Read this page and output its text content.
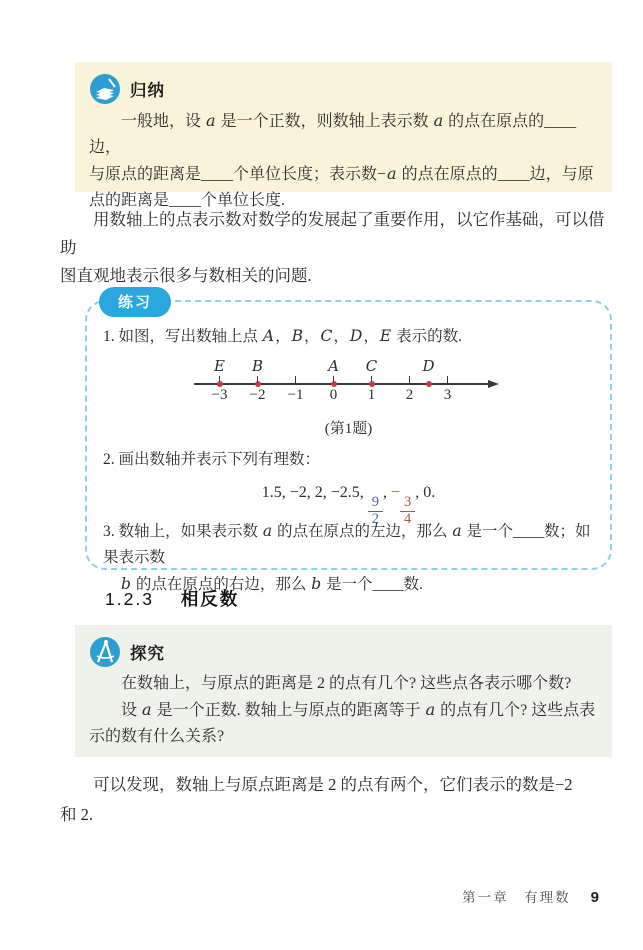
归纳
一般地，设 a 是一个正数，则数轴上表示数 a 的点在原点的____边，
与原点的距离是____个单位长度；表示数−a 的点在原点的____边，与原
点的距离是____个单位长度.
用数轴上的点表示数对数学的发展起了重要作用，以它作基础，可以借助
图直观地表示很多与数相关的问题.
练习
1. 如图，写出数轴上点 A，B，C，D，E 表示的数.
−3	−2	−1	0	1	2	3
E	B	A	C	D
(第1题)
2. 画出数轴并表示下列有理数：
1.5, −2, 2, −2.5,
$\frac{9}{2}$
, −
$\frac{3}{4}$
, 0.
3. 数轴上，如果表示数 a 的点在原点的左边，那么 a 是一个____数；如果表示数
b 的点在原点的右边，那么 b 是一个____数.
1.2.3 相反数
探究
在数轴上，与原点的距离是 2 的点有几个? 这些点各表示哪个数?
设 a 是一个正数. 数轴上与原点的距离等于 a 的点有几个? 这些点表
示的数有什么关系?
可以发现，数轴上与原点距离是 2 的点有两个，它们表示的数是−2
和 2.
第一章　有理数 9
